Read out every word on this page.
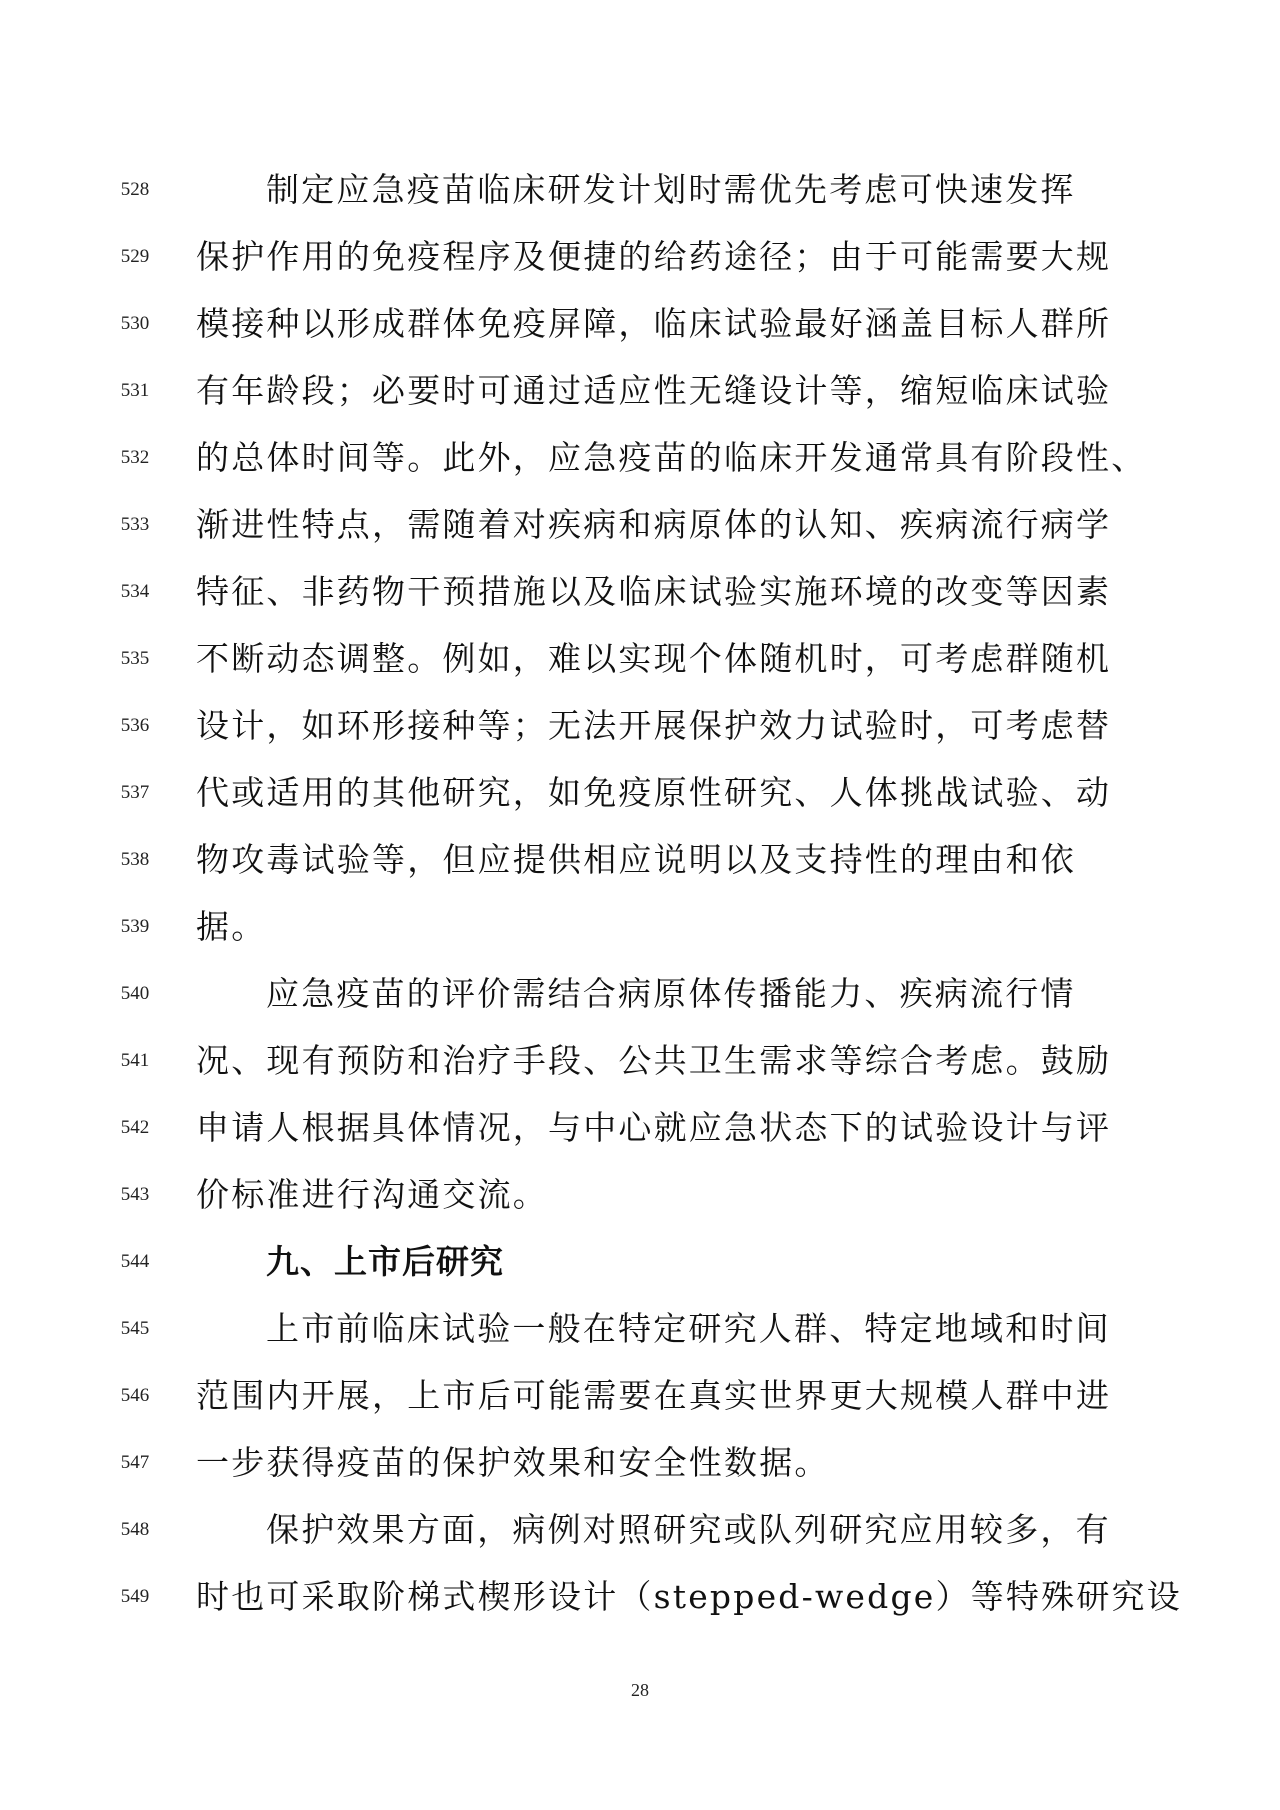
528	制定应急疫苗临床研发计划时需优先考虑可快速发挥
529	保护作用的免疫程序及便捷的给药途径；由于可能需要大规
530	模接种以形成群体免疫屏障，临床试验最好涵盖目标人群所
531	有年龄段；必要时可通过适应性无缝设计等，缩短临床试验
532	的总体时间等。此外，应急疫苗的临床开发通常具有阶段性、
533	渐进性特点，需随着对疾病和病原体的认知、疾病流行病学
534	特征、非药物干预措施以及临床试验实施环境的改变等因素
535	不断动态调整。例如，难以实现个体随机时，可考虑群随机
536	设计，如环形接种等；无法开展保护效力试验时，可考虑替
537	代或适用的其他研究，如免疫原性研究、人体挑战试验、动
538	物攻毒试验等，但应提供相应说明以及支持性的理由和依
539	据。
540	应急疫苗的评价需结合病原体传播能力、疾病流行情
541	况、现有预防和治疗手段、公共卫生需求等综合考虑。鼓励
542	申请人根据具体情况，与中心就应急状态下的试验设计与评
543	价标准进行沟通交流。
544	九、上市后研究
545	上市前临床试验一般在特定研究人群、特定地域和时间
546	范围内开展，上市后可能需要在真实世界更大规模人群中进
547	一步获得疫苗的保护效果和安全性数据。
548	保护效果方面，病例对照研究或队列研究应用较多，有
549	时也可采取阶梯式楔形设计（stepped-wedge）等特殊研究设
28
